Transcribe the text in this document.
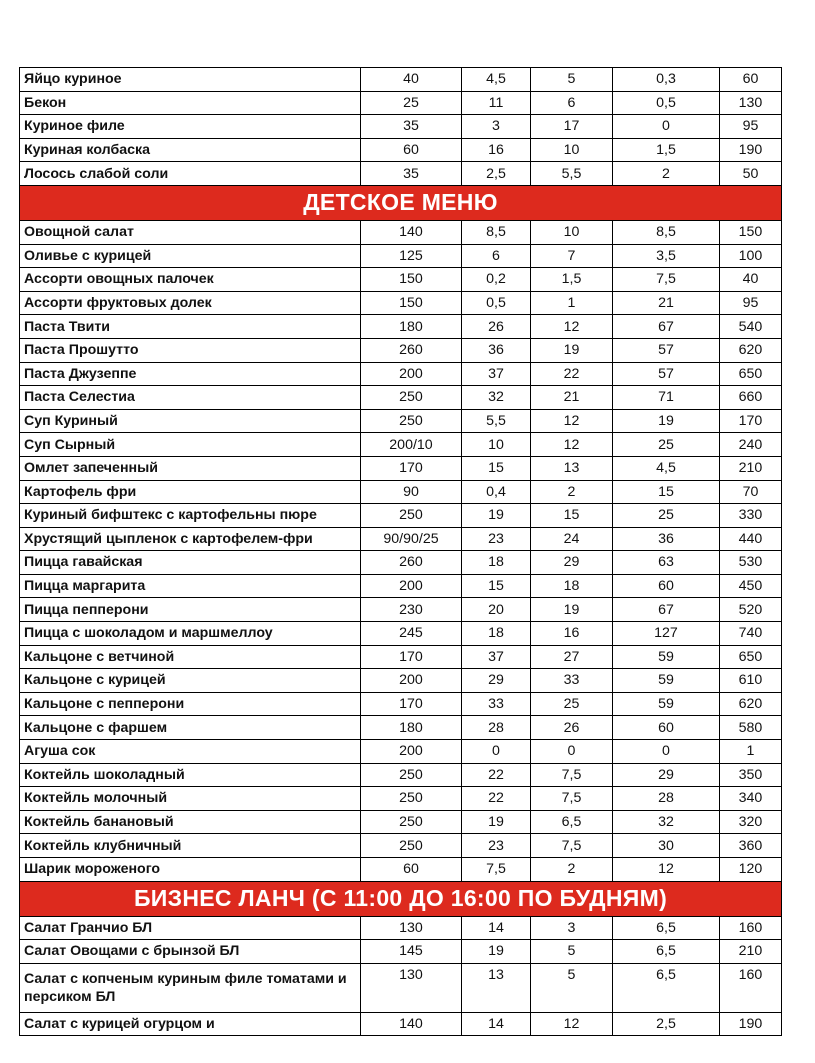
Яйцо куриное	40	4,5	5	0,3	60
Бекон	25	11	6	0,5	130
Куриное филе	35	3	17	0	95
Куриная колбаска	60	16	10	1,5	190
Лосось слабой соли	35	2,5	5,5	2	50
ДЕТСКОЕ МЕНЮ					
Овощной салат	140	8,5	10	8,5	150
Оливье с курицей	125	6	7	3,5	100
Ассорти овощных палочек	150	0,2	1,5	7,5	40
Ассорти фруктовых долек	150	0,5	1	21	95
Паста Твити	180	26	12	67	540
Паста Прошутто	260	36	19	57	620
Паста Джузеппе	200	37	22	57	650
Паста Селестиа	250	32	21	71	660
Суп Куриный	250	5,5	12	19	170
Суп Сырный	200/10	10	12	25	240
Омлет запеченный	170	15	13	4,5	210
Картофель фри	90	0,4	2	15	70
Куриный бифштекс с картофельны пюре	250	19	15	25	330
Хрустящий цыпленок с картофелем-фри	90/90/25	23	24	36	440
Пицца гавайская	260	18	29	63	530
Пицца маргарита	200	15	18	60	450
Пицца пепперони	230	20	19	67	520
Пицца с шоколадом и маршмеллоу	245	18	16	127	740
Кальцоне с ветчиной	170	37	27	59	650
Кальцоне с курицей	200	29	33	59	610
Кальцоне с пепперони	170	33	25	59	620
Кальцоне с фаршем	180	28	26	60	580
Агуша сок	200	0	0	0	1
Коктейль шоколадный	250	22	7,5	29	350
Коктейль молочный	250	22	7,5	28	340
Коктейль банановый	250	19	6,5	32	320
Коктейль клубничный	250	23	7,5	30	360
Шарик мороженого	60	7,5	2	12	120
БИЗНЕС ЛАНЧ (С 11:00 ДО 16:00 ПО БУДНЯМ)					
Салат Гранчио БЛ	130	14	3	6,5	160
Салат Овощами с брынзой БЛ	145	19	5	6,5	210
Салат с копченым куриным филе томатами и персиком БЛ	130	13	5	6,5	160
Салат с курицей огурцом и	140	14	12	2,5	190
